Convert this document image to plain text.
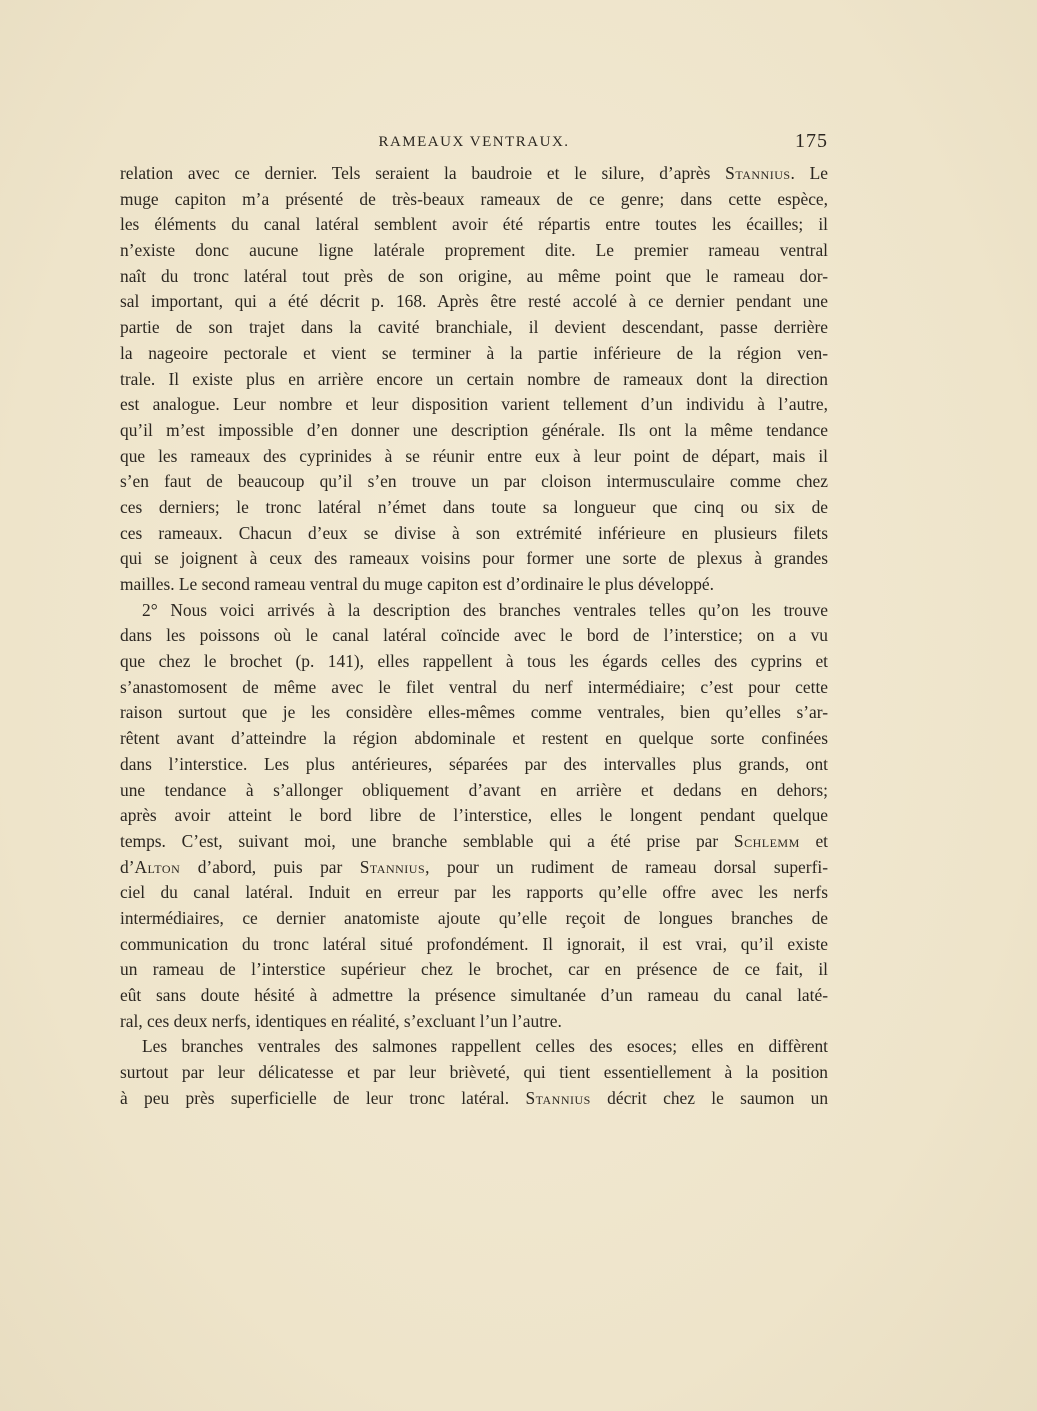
RAMEAUX VENTRAUX.	175
relation avec ce dernier. Tels seraient la baudroie et le silure, d’après Stannius. Le
muge capiton m’a présenté de très-beaux rameaux de ce genre; dans cette espèce,
les éléments du canal latéral semblent avoir été répartis entre toutes les écailles; il
n’existe donc aucune ligne latérale proprement dite. Le premier rameau ventral
naît du tronc latéral tout près de son origine, au même point que le rameau dor-
sal important, qui a été décrit p. 168. Après être resté accolé à ce dernier pendant une
partie de son trajet dans la cavité branchiale, il devient descendant, passe derrière
la nageoire pectorale et vient se terminer à la partie inférieure de la région ven-
trale. Il existe plus en arrière encore un certain nombre de rameaux dont la direction
est analogue. Leur nombre et leur disposition varient tellement d’un individu à l’autre,
qu’il m’est impossible d’en donner une description générale. Ils ont la même tendance
que les rameaux des cyprinides à se réunir entre eux à leur point de départ, mais il
s’en faut de beaucoup qu’il s’en trouve un par cloison intermusculaire comme chez
ces derniers; le tronc latéral n’émet dans toute sa longueur que cinq ou six de
ces rameaux. Chacun d’eux se divise à son extrémité inférieure en plusieurs filets
qui se joignent à ceux des rameaux voisins pour former une sorte de plexus à grandes
mailles. Le second rameau ventral du muge capiton est d’ordinaire le plus développé.
2° Nous voici arrivés à la description des branches ventrales telles qu’on les trouve
dans les poissons où le canal latéral coïncide avec le bord de l’interstice; on a vu
que chez le brochet (p. 141), elles rappellent à tous les égards celles des cyprins et
s’anastomosent de même avec le filet ventral du nerf intermédiaire; c’est pour cette
raison surtout que je les considère elles-mêmes comme ventrales, bien qu’elles s’ar-
rêtent avant d’atteindre la région abdominale et restent en quelque sorte confinées
dans l’interstice. Les plus antérieures, séparées par des intervalles plus grands, ont
une tendance à s’allonger obliquement d’avant en arrière et dedans en dehors;
après avoir atteint le bord libre de l’interstice, elles le longent pendant quelque
temps. C’est, suivant moi, une branche semblable qui a été prise par Schlemm et
d’Alton d’abord, puis par Stannius, pour un rudiment de rameau dorsal superfi-
ciel du canal latéral. Induit en erreur par les rapports qu’elle offre avec les nerfs
intermédiaires, ce dernier anatomiste ajoute qu’elle reçoit de longues branches de
communication du tronc latéral situé profondément. Il ignorait, il est vrai, qu’il existe
un rameau de l’interstice supérieur chez le brochet, car en présence de ce fait, il
eût sans doute hésité à admettre la présence simultanée d’un rameau du canal laté-
ral, ces deux nerfs, identiques en réalité, s’excluant l’un l’autre.
Les branches ventrales des salmones rappellent celles des esoces; elles en diffèrent
surtout par leur délicatesse et par leur brièveté, qui tient essentiellement à la position
à peu près superficielle de leur tronc latéral. Stannius décrit chez le saumon un
